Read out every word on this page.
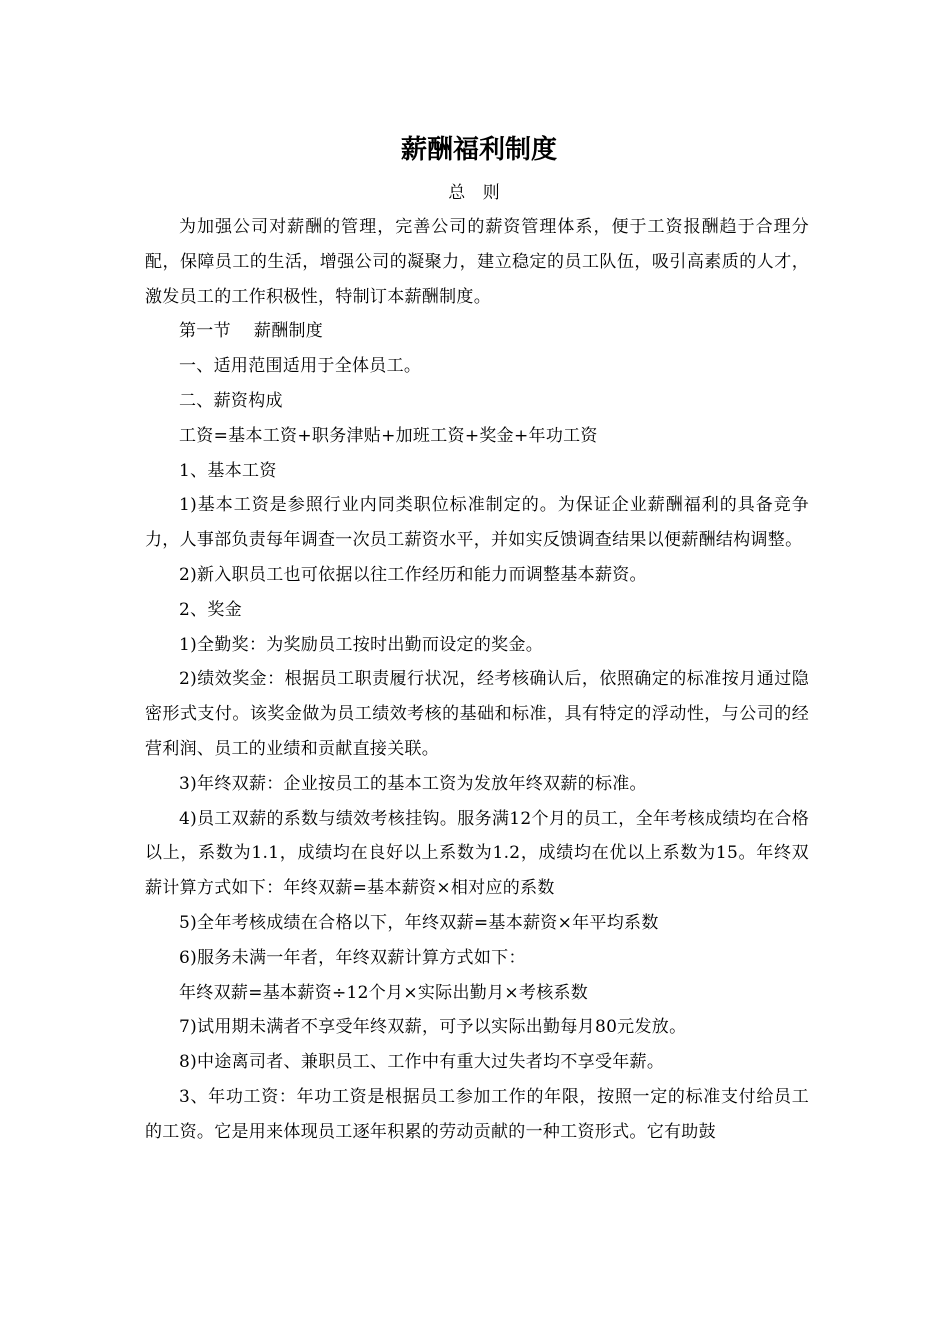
薪酬福利制度
总 则

为加强公司对薪酬的管理，完善公司的薪资管理体系，便于工资报酬趋于合理分配，保障员工的生活，增强公司的凝聚力，建立稳定的员工队伍，吸引高素质的人才，激发员工的工作积极性，特制订本薪酬制度。

第一节　 薪酬制度

一、适用范围适用于全体员工。

二、薪资构成

工资=基本工资+职务津贴+加班工资+奖金+年功工资

1、基本工资

1)基本工资是参照行业内同类职位标准制定的。为保证企业薪酬福利的具备竞争力，人事部负责每年调查一次员工薪资水平，并如实反馈调查结果以便薪酬结构调整。

2)新入职员工也可依据以往工作经历和能力而调整基本薪资。

2、奖金

1)全勤奖：为奖励员工按时出勤而设定的奖金。

2)绩效奖金：根据员工职责履行状况，经考核确认后，依照确定的标准按月通过隐密形式支付。该奖金做为员工绩效考核的基础和标准，具有特定的浮动性，与公司的经营利润、员工的业绩和贡献直接关联。

3)年终双薪：企业按员工的基本工资为发放年终双薪的标准。

4)员工双薪的系数与绩效考核挂钩。服务满12个月的员工，全年考核成绩均在合格以上，系数为1.1，成绩均在良好以上系数为1.2，成绩均在优以上系数为15。年终双薪计算方式如下：年终双薪=基本薪资×相对应的系数

5)全年考核成绩在合格以下，年终双薪=基本薪资×年平均系数

6)服务未满一年者，年终双薪计算方式如下：

年终双薪=基本薪资÷12个月×实际出勤月×考核系数

7)试用期未满者不享受年终双薪，可予以实际出勤每月80元发放。

8)中途离司者、兼职员工、工作中有重大过失者均不享受年薪。

3、年功工资：年功工资是根据员工参加工作的年限，按照一定的标准支付给员工的工资。它是用来体现员工逐年积累的劳动贡献的一种工资形式。它有助鼓
